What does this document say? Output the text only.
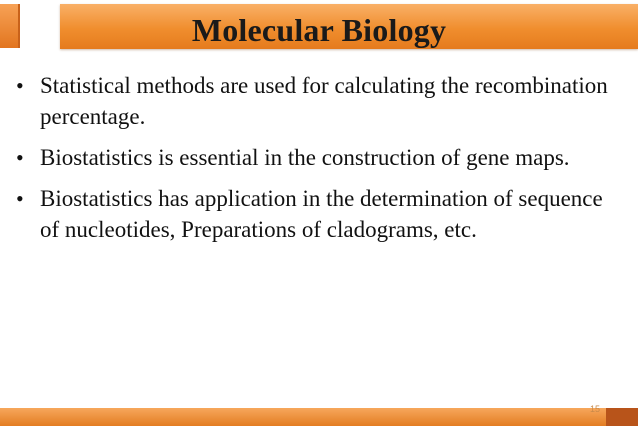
Molecular Biology
• Statistical methods are used for calculating the recombination percentage.
• Biostatistics is essential in the construction of gene maps.
• Biostatistics has application in the determination of sequence of nucleotides, Preparations of cladograms, etc.
15
